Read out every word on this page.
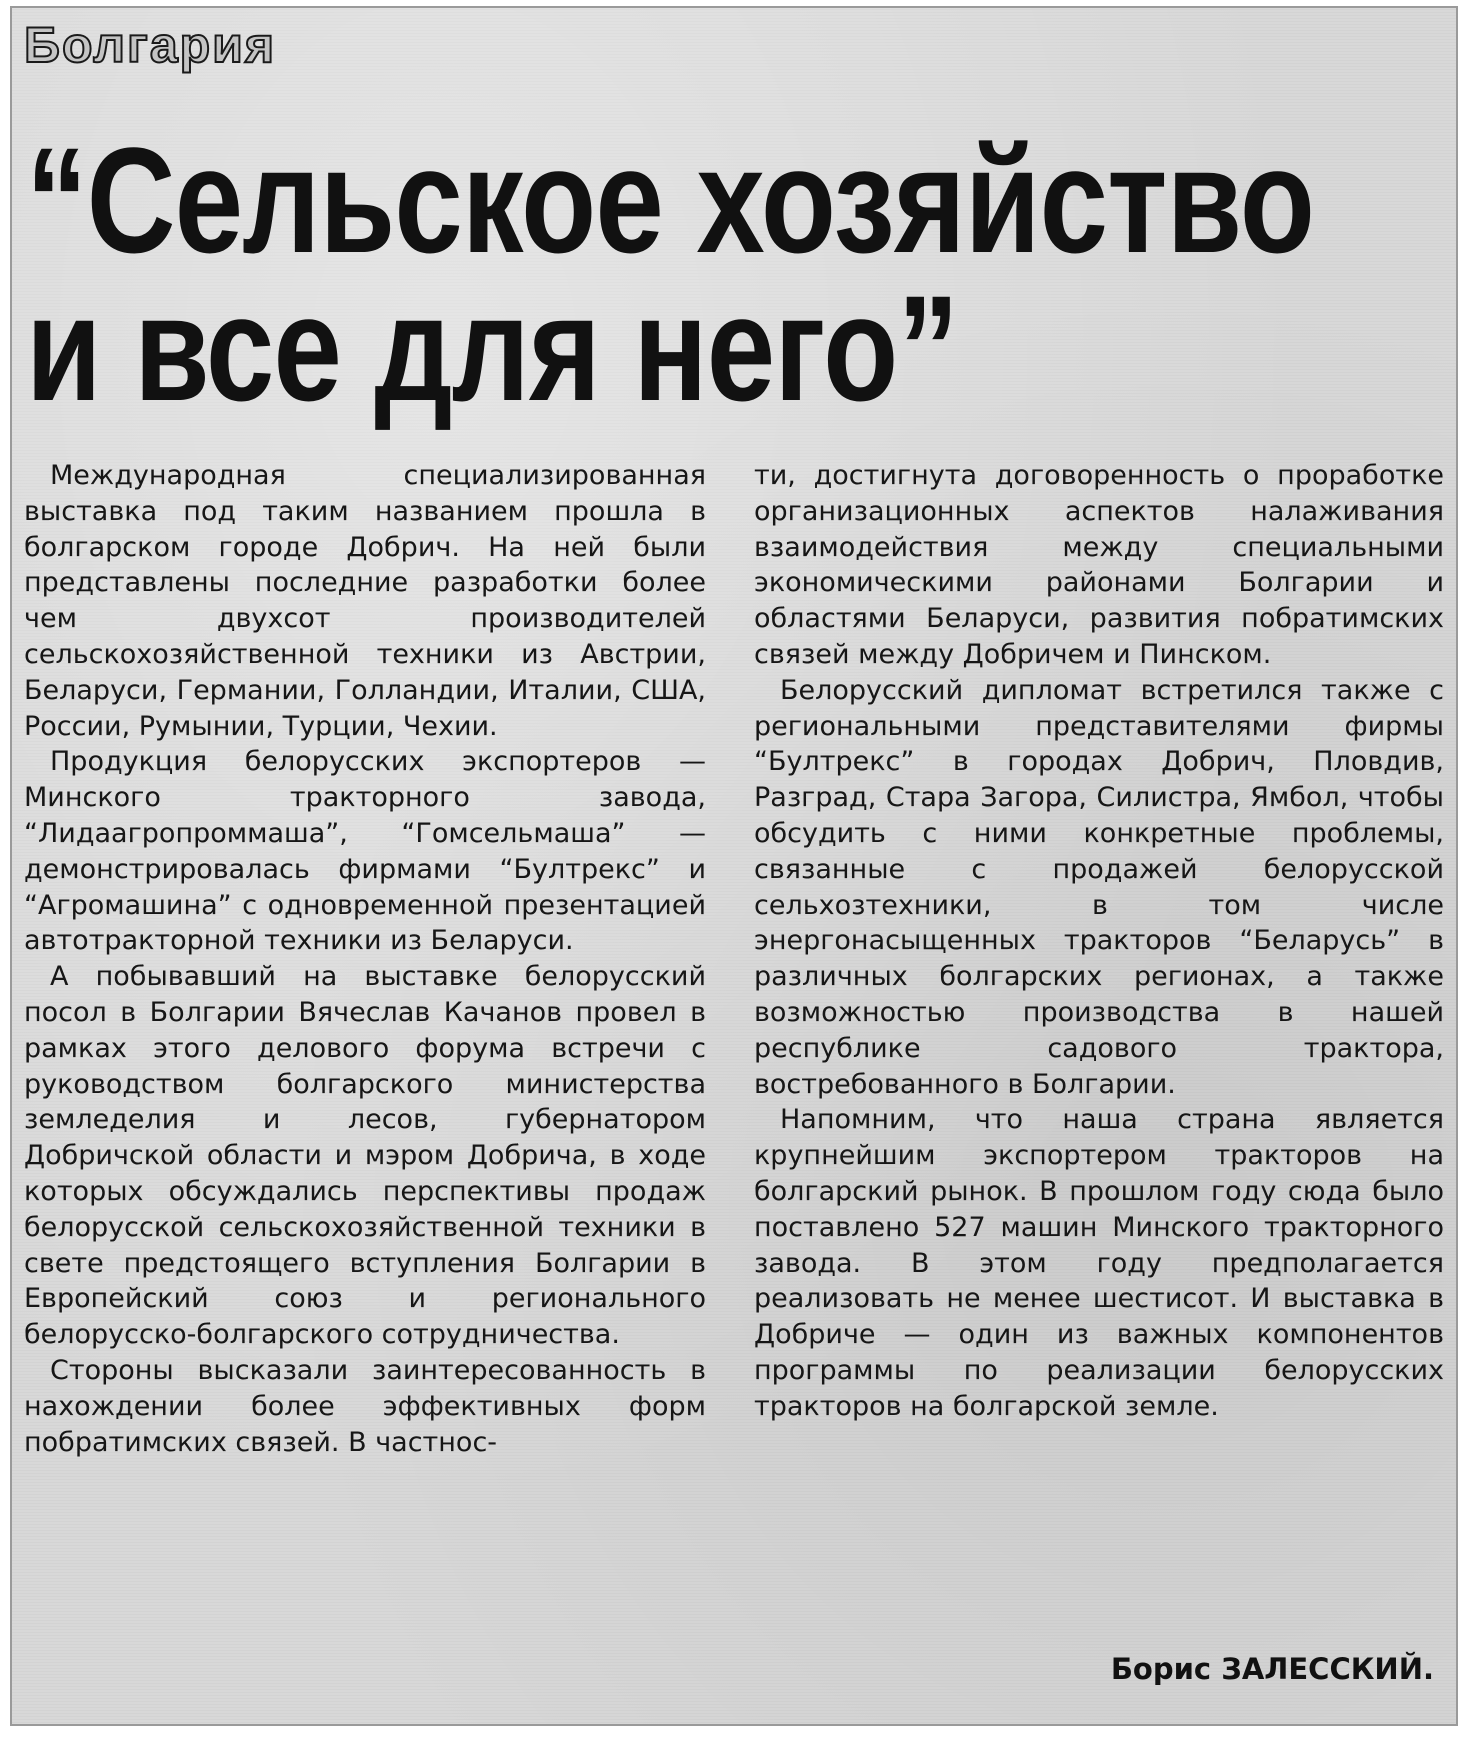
Болгария
“Сельское хозяйство
и все для него”

Международная специализированная выставка под таким названием прошла в болгарском городе Добрич. На ней были представлены последние разработки более чем двухсот производителей сельскохозяйственной техники из Австрии, Беларуси, Германии, Голландии, Италии, США, России, Румынии, Турции, Чехии.

Продукция белорусских экспортеров — Минского тракторного завода, “Лидаагропроммаша”, “Гомсельмаша” — демонстрировалась фирмами “Бултрекс” и “Агромашина” с одновременной презентацией автотракторной техники из Беларуси.

А побывавший на выставке белорусский посол в Болгарии Вячеслав Качанов провел в рамках этого делового форума встречи с руководством болгарского министерства земледелия и лесов, губернатором Добричской области и мэром Добрича, в ходе которых обсуждались перспективы продаж белорусской сельскохозяйственной техники в свете предстоящего вступления Болгарии в Европейский союз и регионального белорусско-болгарского сотрудничества.

Стороны высказали заинтересованность в нахождении более эффективных форм побратимских связей. В частнос-

ти, достигнута договоренность о проработке организационных аспектов налаживания взаимодействия между специальными экономическими районами Болгарии и областями Беларуси, развития побратимских связей между Добричем и Пинском.

Белорусский дипломат встретился также с региональными представителями фирмы “Бултрекс” в городах Добрич, Пловдив, Разград, Стара Загора, Силистра, Ямбол, чтобы обсудить с ними конкретные проблемы, связанные с продажей белорусской сельхозтехники, в том числе энергонасыщенных тракторов “Беларусь” в различных болгарских регионах, а также возможностью производства в нашей республике садового трактора, востребованного в Болгарии.

Напомним, что наша страна является крупнейшим экспортером тракторов на болгарский рынок. В прошлом году сюда было поставлено 527 машин Минского тракторного завода. В этом году предполагается реализовать не менее шестисот. И выставка в Добриче — один из важных компонентов программы по реализации белорусских тракторов на болгарской земле.

Борис ЗАЛЕССКИЙ.
